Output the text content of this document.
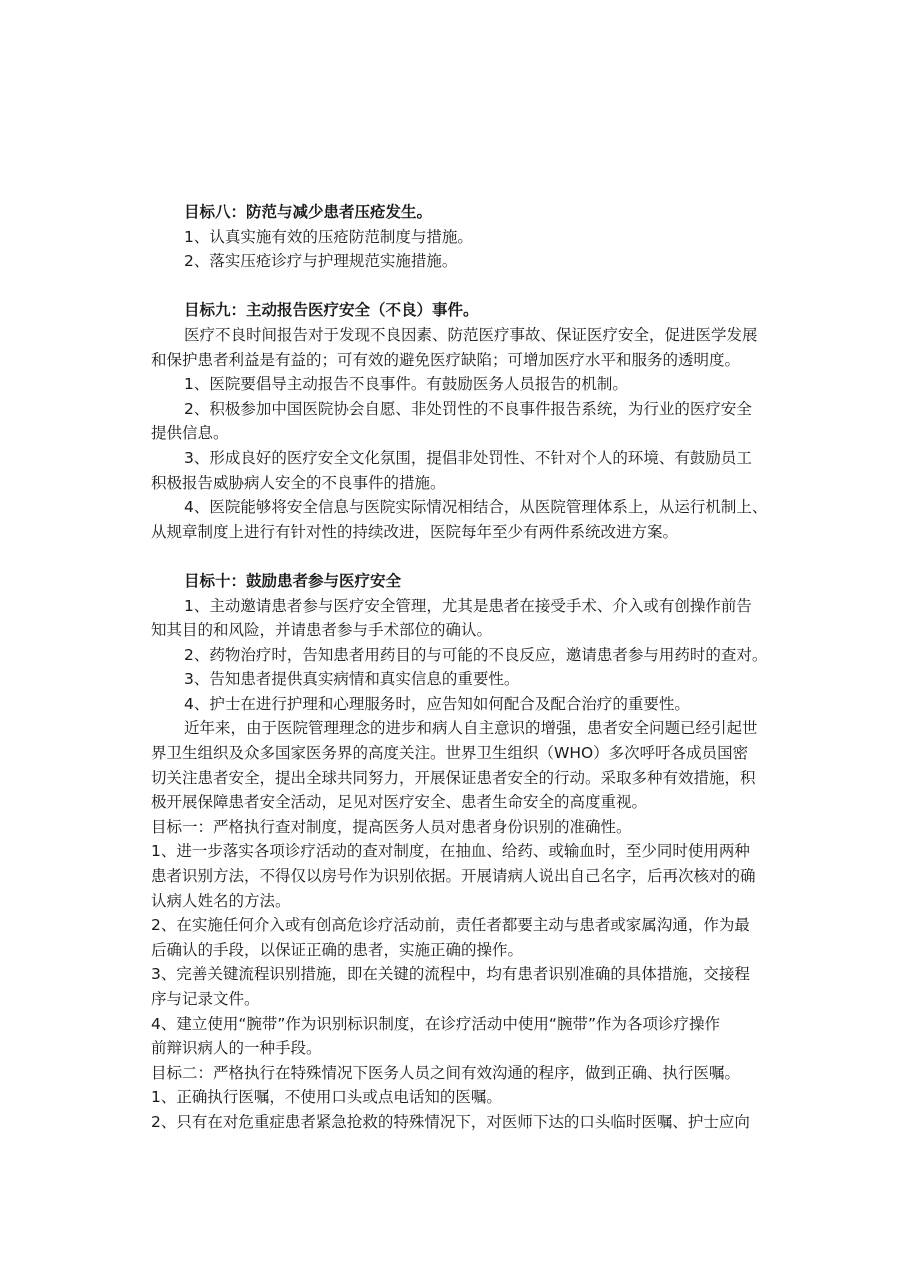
目标八：防范与减少患者压疮发生。
1、认真实施有效的压疮防范制度与措施。
2、落实压疮诊疗与护理规范实施措施。
目标九：主动报告医疗安全（不良）事件。
医疗不良时间报告对于发现不良因素、防范医疗事故、保证医疗安全，促进医学发展
和保护患者利益是有益的；可有效的避免医疗缺陷；可增加医疗水平和服务的透明度。
1、医院要倡导主动报告不良事件。有鼓励医务人员报告的机制。
2、积极参加中国医院协会自愿、非处罚性的不良事件报告系统，为行业的医疗安全
提供信息。
3、形成良好的医疗安全文化氛围，提倡非处罚性、不针对个人的环境、有鼓励员工
积极报告威胁病人安全的不良事件的措施。
4、医院能够将安全信息与医院实际情况相结合，从医院管理体系上，从运行机制上、
从规章制度上进行有针对性的持续改进，医院每年至少有两件系统改进方案。
目标十：鼓励患者参与医疗安全
1、主动邀请患者参与医疗安全管理，尤其是患者在接受手术、介入或有创操作前告
知其目的和风险，并请患者参与手术部位的确认。
2、药物治疗时，告知患者用药目的与可能的不良反应，邀请患者参与用药时的查对。
3、告知患者提供真实病情和真实信息的重要性。
4、护士在进行护理和心理服务时，应告知如何配合及配合治疗的重要性。
近年来，由于医院管理理念的进步和病人自主意识的增强，患者安全问题已经引起世
界卫生组织及众多国家医务界的高度关注。世界卫生组织（WHO）多次呼吁各成员国密
切关注患者安全，提出全球共同努力，开展保证患者安全的行动。采取多种有效措施，积
极开展保障患者安全活动，足见对医疗安全、患者生命安全的高度重视。
目标一：严格执行查对制度，提高医务人员对患者身份识别的准确性。
1、进一步落实各项诊疗活动的查对制度，在抽血、给药、或输血时，至少同时使用两种
患者识别方法，不得仅以房号作为识别依据。开展请病人说出自己名字，后再次核对的确
认病人姓名的方法。
2、在实施任何介入或有创高危诊疗活动前，责任者都要主动与患者或家属沟通，作为最
后确认的手段，以保证正确的患者，实施正确的操作。
3、完善关键流程识别措施，即在关键的流程中，均有患者识别准确的具体措施，交接程
序与记录文件。
4、建立使用“腕带”作为识别标识制度，在诊疗活动中使用“腕带”作为各项诊疗操作
前辩识病人的一种手段。
目标二：严格执行在特殊情况下医务人员之间有效沟通的程序，做到正确、执行医嘱。
1、正确执行医嘱，不使用口头或点电话知的医嘱。
2、只有在对危重症患者紧急抢救的特殊情况下，对医师下达的口头临时医嘱、护士应向
